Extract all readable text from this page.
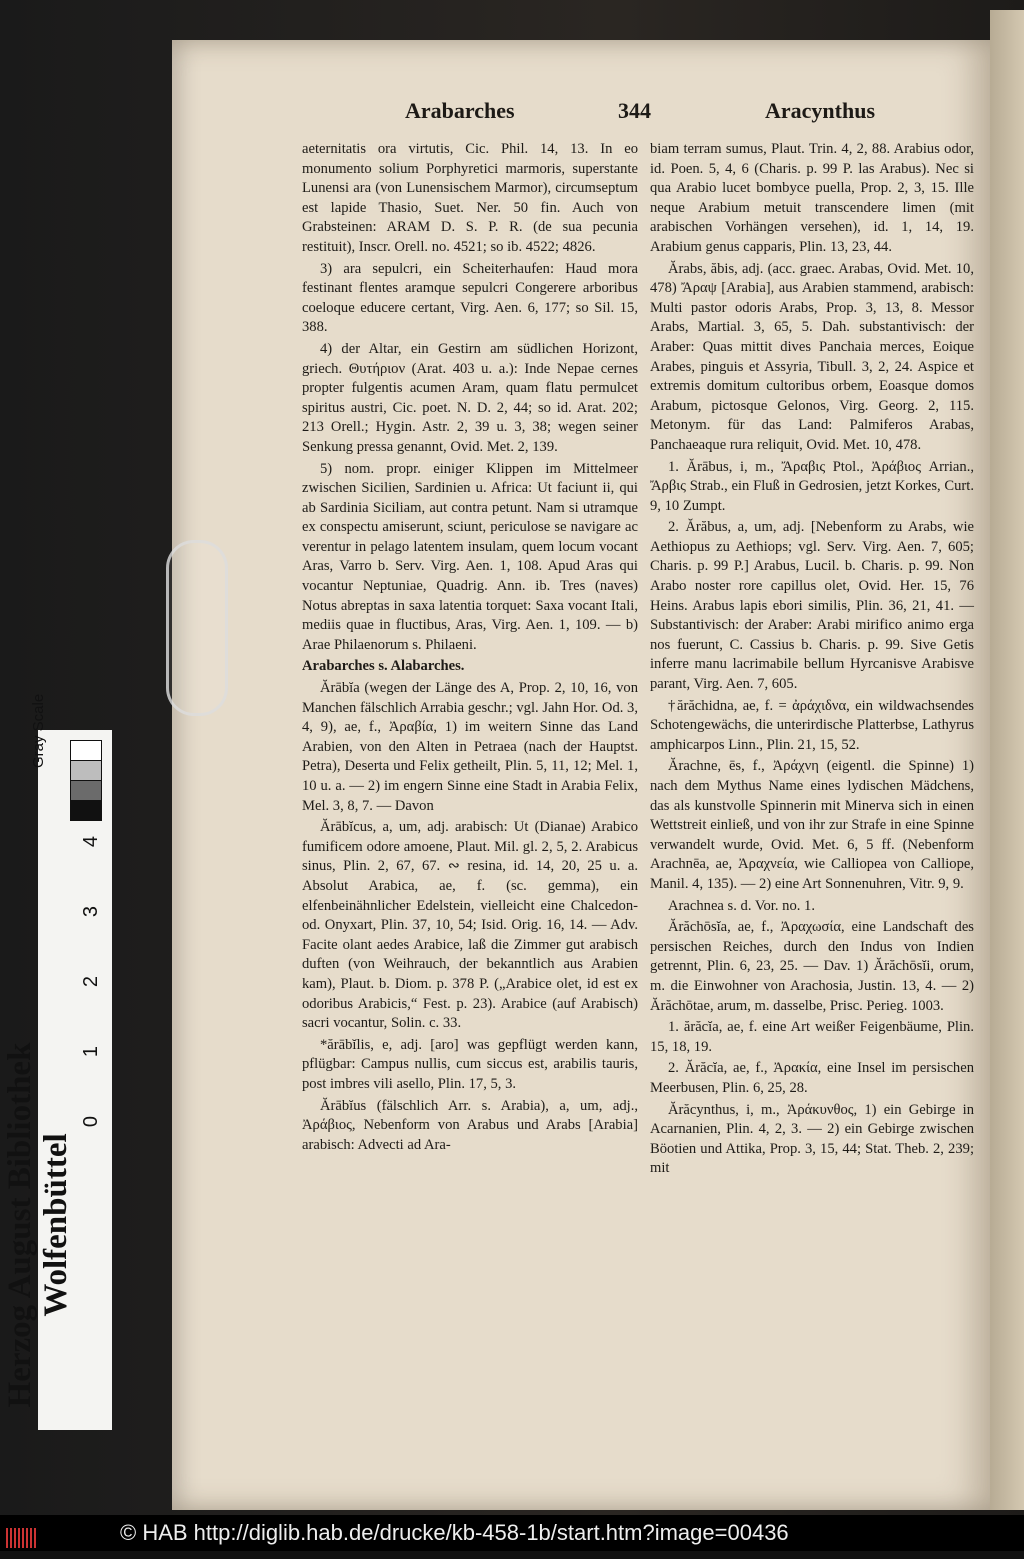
Arabarches	344	Aracynthus

aeternitatis ora virtutis, Cic. Phil. 14, 13. In eo monumento solium Porphyretici marmoris, superstante Lunensi ara (von Lunensischem Marmor), circumseptum est lapide Thasio, Suet. Ner. 50 fin. Auch von Grabsteinen: ARAM D. S. P. R. (de sua pecunia restituit), Inscr. Orell. no. 4521; so ib. 4522; 4826.

3) ara sepulcri, ein Scheiterhaufen: Haud mora festinant flentes aramque sepulcri Congerere arboribus coeloque educere certant, Virg. Aen. 6, 177; so Sil. 15, 388.

4) der Altar, ein Gestirn am südlichen Horizont, griech. Θυτήριον (Arat. 403 u. a.): Inde Nepae cernes propter fulgentis acumen Aram, quam flatu permulcet spiritus austri, Cic. poet. N. D. 2, 44; so id. Arat. 202; 213 Orell.; Hygin. Astr. 2, 39 u. 3, 38; wegen seiner Senkung pressa genannt, Ovid. Met. 2, 139.

5) nom. propr. einiger Klippen im Mittelmeer zwischen Sicilien, Sardinien u. Africa: Ut faciunt ii, qui ab Sardinia Siciliam, aut contra petunt. Nam si utramque ex conspectu amiserunt, sciunt, periculose se navigare ac verentur in pelago latentem insulam, quem locum vocant Aras, Varro b. Serv. Virg. Aen. 1, 108. Apud Aras qui vocantur Neptuniae, Quadrig. Ann. ib. Tres (naves) Notus abreptas in saxa latentia torquet: Saxa vocant Itali, mediis quae in fluctibus, Aras, Virg. Aen. 1, 109. — b) Arae Philaenorum s. Philaeni.

Arabarches s. Alabarches.

Ărābĭa (wegen der Länge des A, Prop. 2, 10, 16, von Manchen fälschlich Arrabia geschr.; vgl. Jahn Hor. Od. 3, 4, 9), ae, f., Ἀραβία, 1) im weitern Sinne das Land Arabien, von den Alten in Petraea (nach der Hauptst. Petra), Deserta und Felix getheilt, Plin. 5, 11, 12; Mel. 1, 10 u. a. — 2) im engern Sinne eine Stadt in Arabia Felix, Mel. 3, 8, 7. — Davon

Ărābĭcus, a, um, adj. arabisch: Ut (Dianae) Arabico fumificem odore amoene, Plaut. Mil. gl. 2, 5, 2. Arabicus sinus, Plin. 2, 67, 67. ∾ resina, id. 14, 20, 25 u. a. Absolut Arabica, ae, f. (sc. gemma), ein elfenbeinähnlicher Edelstein, vielleicht eine Chalcedon- od. Onyxart, Plin. 37, 10, 54; Isid. Orig. 16, 14. — Adv. Facite olant aedes Arabice, laß die Zimmer gut arabisch duften (von Weihrauch, der bekanntlich aus Arabien kam), Plaut. b. Diom. p. 378 P. („Arabice olet, id est ex odoribus Arabicis,“ Fest. p. 23). Arabice (auf Arabisch) sacri vocantur, Solin. c. 33.

*ărābĭlis, e, adj. [aro] was gepflügt werden kann, pflügbar: Campus nullis, cum siccus est, arabilis tauris, post imbres vili asello, Plin. 17, 5, 3.

Ărābĭus (fälschlich Arr. s. Arabia), a, um, adj., Ἀράβιος, Nebenform von Arabus und Arabs [Arabia] arabisch: Advecti ad Ara-

biam terram sumus, Plaut. Trin. 4, 2, 88. Arabius odor, id. Poen. 5, 4, 6 (Charis. p. 99 P. las Arabus). Nec si qua Arabio lucet bombyce puella, Prop. 2, 3, 15. Ille neque Arabium metuit transcendere limen (mit arabischen Vorhängen versehen), id. 1, 14, 19. Arabium genus capparis, Plin. 13, 23, 44.

Ărabs, ăbis, adj. (acc. graec. Arabas, Ovid. Met. 10, 478) Ἄραψ [Arabia], aus Arabien stammend, arabisch: Multi pastor odoris Arabs, Prop. 3, 13, 8. Messor Arabs, Martial. 3, 65, 5. Dah. substantivisch: der Araber: Quas mittit dives Panchaia merces, Eoique Arabes, pinguis et Assyria, Tibull. 3, 2, 24. Aspice et extremis domitum cultoribus orbem, Eoasque domos Arabum, pictosque Gelonos, Virg. Georg. 2, 115. Metonym. für das Land: Palmiferos Arabas, Panchaeaque rura reliquit, Ovid. Met. 10, 478.

1. Ărābus, i, m., Ἄραβις Ptol., Ἀράβιος Arrian., Ἄρβις Strab., ein Fluß in Gedrosien, jetzt Korkes, Curt. 9, 10 Zumpt.

2. Ărăbus, a, um, adj. [Nebenform zu Arabs, wie Aethiopus zu Aethiops; vgl. Serv. Virg. Aen. 7, 605; Charis. p. 99 P.] Arabus, Lucil. b. Charis. p. 99. Non Arabo noster rore capillus olet, Ovid. Her. 15, 76 Heins. Arabus lapis ebori similis, Plin. 36, 21, 41. — Substantivisch: der Araber: Arabi mirifico animo erga nos fuerunt, C. Cassius b. Charis. p. 99. Sive Getis inferre manu lacrimabile bellum Hyrcanisve Arabisve parant, Virg. Aen. 7, 605.

†ărăchidna, ae, f. = ἀράχιδνα, ein wildwachsendes Schotengewächs, die unterirdische Platterbse, Lathyrus amphicarpos Linn., Plin. 21, 15, 52.

Ărachne, ēs, f., Ἀράχνη (eigentl. die Spinne) 1) nach dem Mythus Name eines lydischen Mädchens, das als kunstvolle Spinnerin mit Minerva sich in einen Wettstreit einließ, und von ihr zur Strafe in eine Spinne verwandelt wurde, Ovid. Met. 6, 5 ff. (Nebenform Arachnēa, ae, Ἀραχνεία, wie Calliopea von Calliope, Manil. 4, 135). — 2) eine Art Sonnenuhren, Vitr. 9, 9.

Arachnea s. d. Vor. no. 1.

Ărăchōsĭa, ae, f., Ἀραχωσία, eine Landschaft des persischen Reiches, durch den Indus von Indien getrennt, Plin. 6, 23, 25. — Dav. 1) Ărăchōsĭi, orum, m. die Einwohner von Arachosia, Justin. 13, 4. — 2) Ărăchōtae, arum, m. dasselbe, Prisc. Perieg. 1003.

1. ărăcĭa, ae, f. eine Art weißer Feigenbäume, Plin. 15, 18, 19.

2. Ărăcĭa, ae, f., Ἀρακία, eine Insel im persischen Meerbusen, Plin. 6, 25, 28.

Ărăcynthus, i, m., Ἀράκυνθος, 1) ein Gebirge in Acarnanien, Plin. 4, 2, 3. — 2) ein Gebirge zwischen Böotien und Attika, Prop. 3, 15, 44; Stat. Theb. 2, 239; mit

Gray Scale
0
1
2
3
4
Herzog August Bibliothek Wolfenbüttel
© HAB http://diglib.hab.de/drucke/kb-458-1b/start.htm?image=00436
